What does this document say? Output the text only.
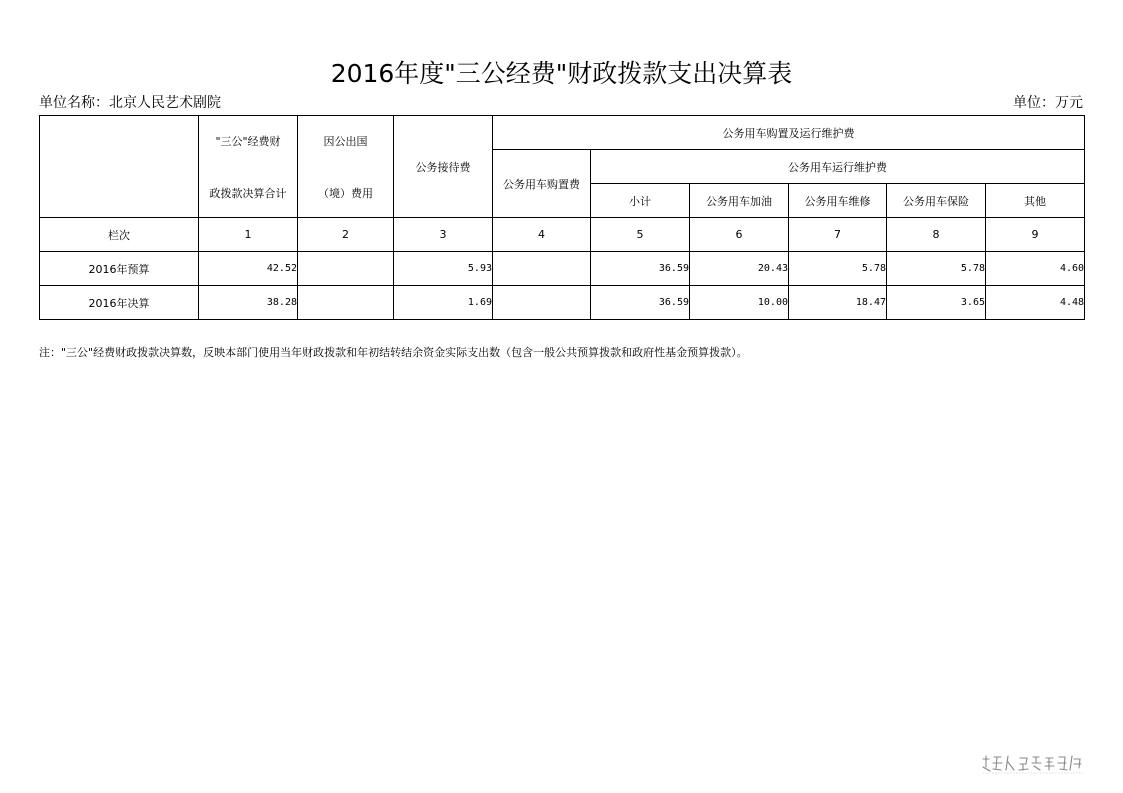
2016年度"三公经费"财政拨款支出决算表
单位名称：北京人民艺术剧院	单位：万元

	"三公"经费财
政拨款决算合计	因公出国
（境）费用	公务接待费	公务用车购置及运行维护费					
				公务用车购置费	公务用车运行维护费				
					小计	公务用车加油	公务用车维修	公务用车保险	其他
栏次	1	2	3	4	5	6	7	8	9
2016年预算	42.52		5.93		36.59	20.43	5.78	5.78	4.60
2016年决算	38.28		1.69		36.59	10.00	18.47	3.65	4.48
注："三公"经费财政拨款决算数，反映本部门使用当年财政拨款和年初结转结余资金实际支出数（包含一般公共预算拨款和政府性基金预算拨款）。
